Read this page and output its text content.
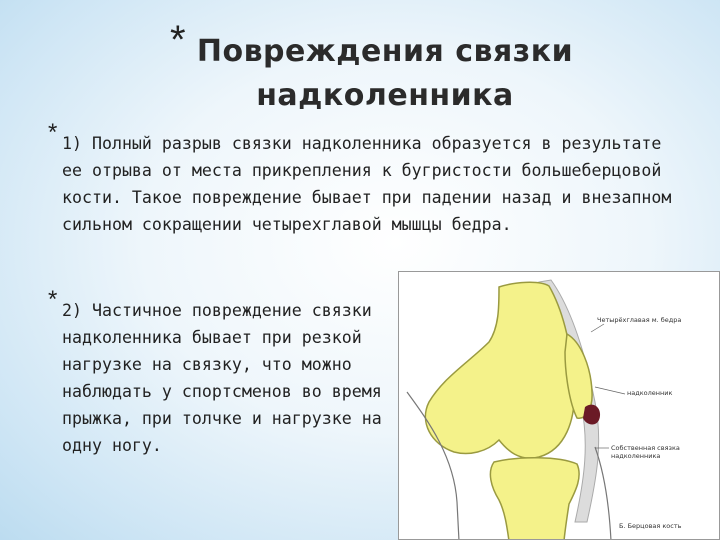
* Повреждения связки
надколенника
* 1) Полный разрыв связки надколенника образуется в результате ее отрыва от места прикрепления к бугристости большеберцовой кости. Такое повреждение бывает при падении назад и внезапном сильном сокращении четырехглавой мышцы бедра.
* 2) Частичное повреждение связки надколенника бывает при резкой нагрузке на связку, что можно наблюдать у спортсменов во время прыжка, при толчке и нагрузке на одну ногу.
Четырёхглавая м. бедра
надколенник
Собственная связка
надколенника
Б. Берцовая кость
